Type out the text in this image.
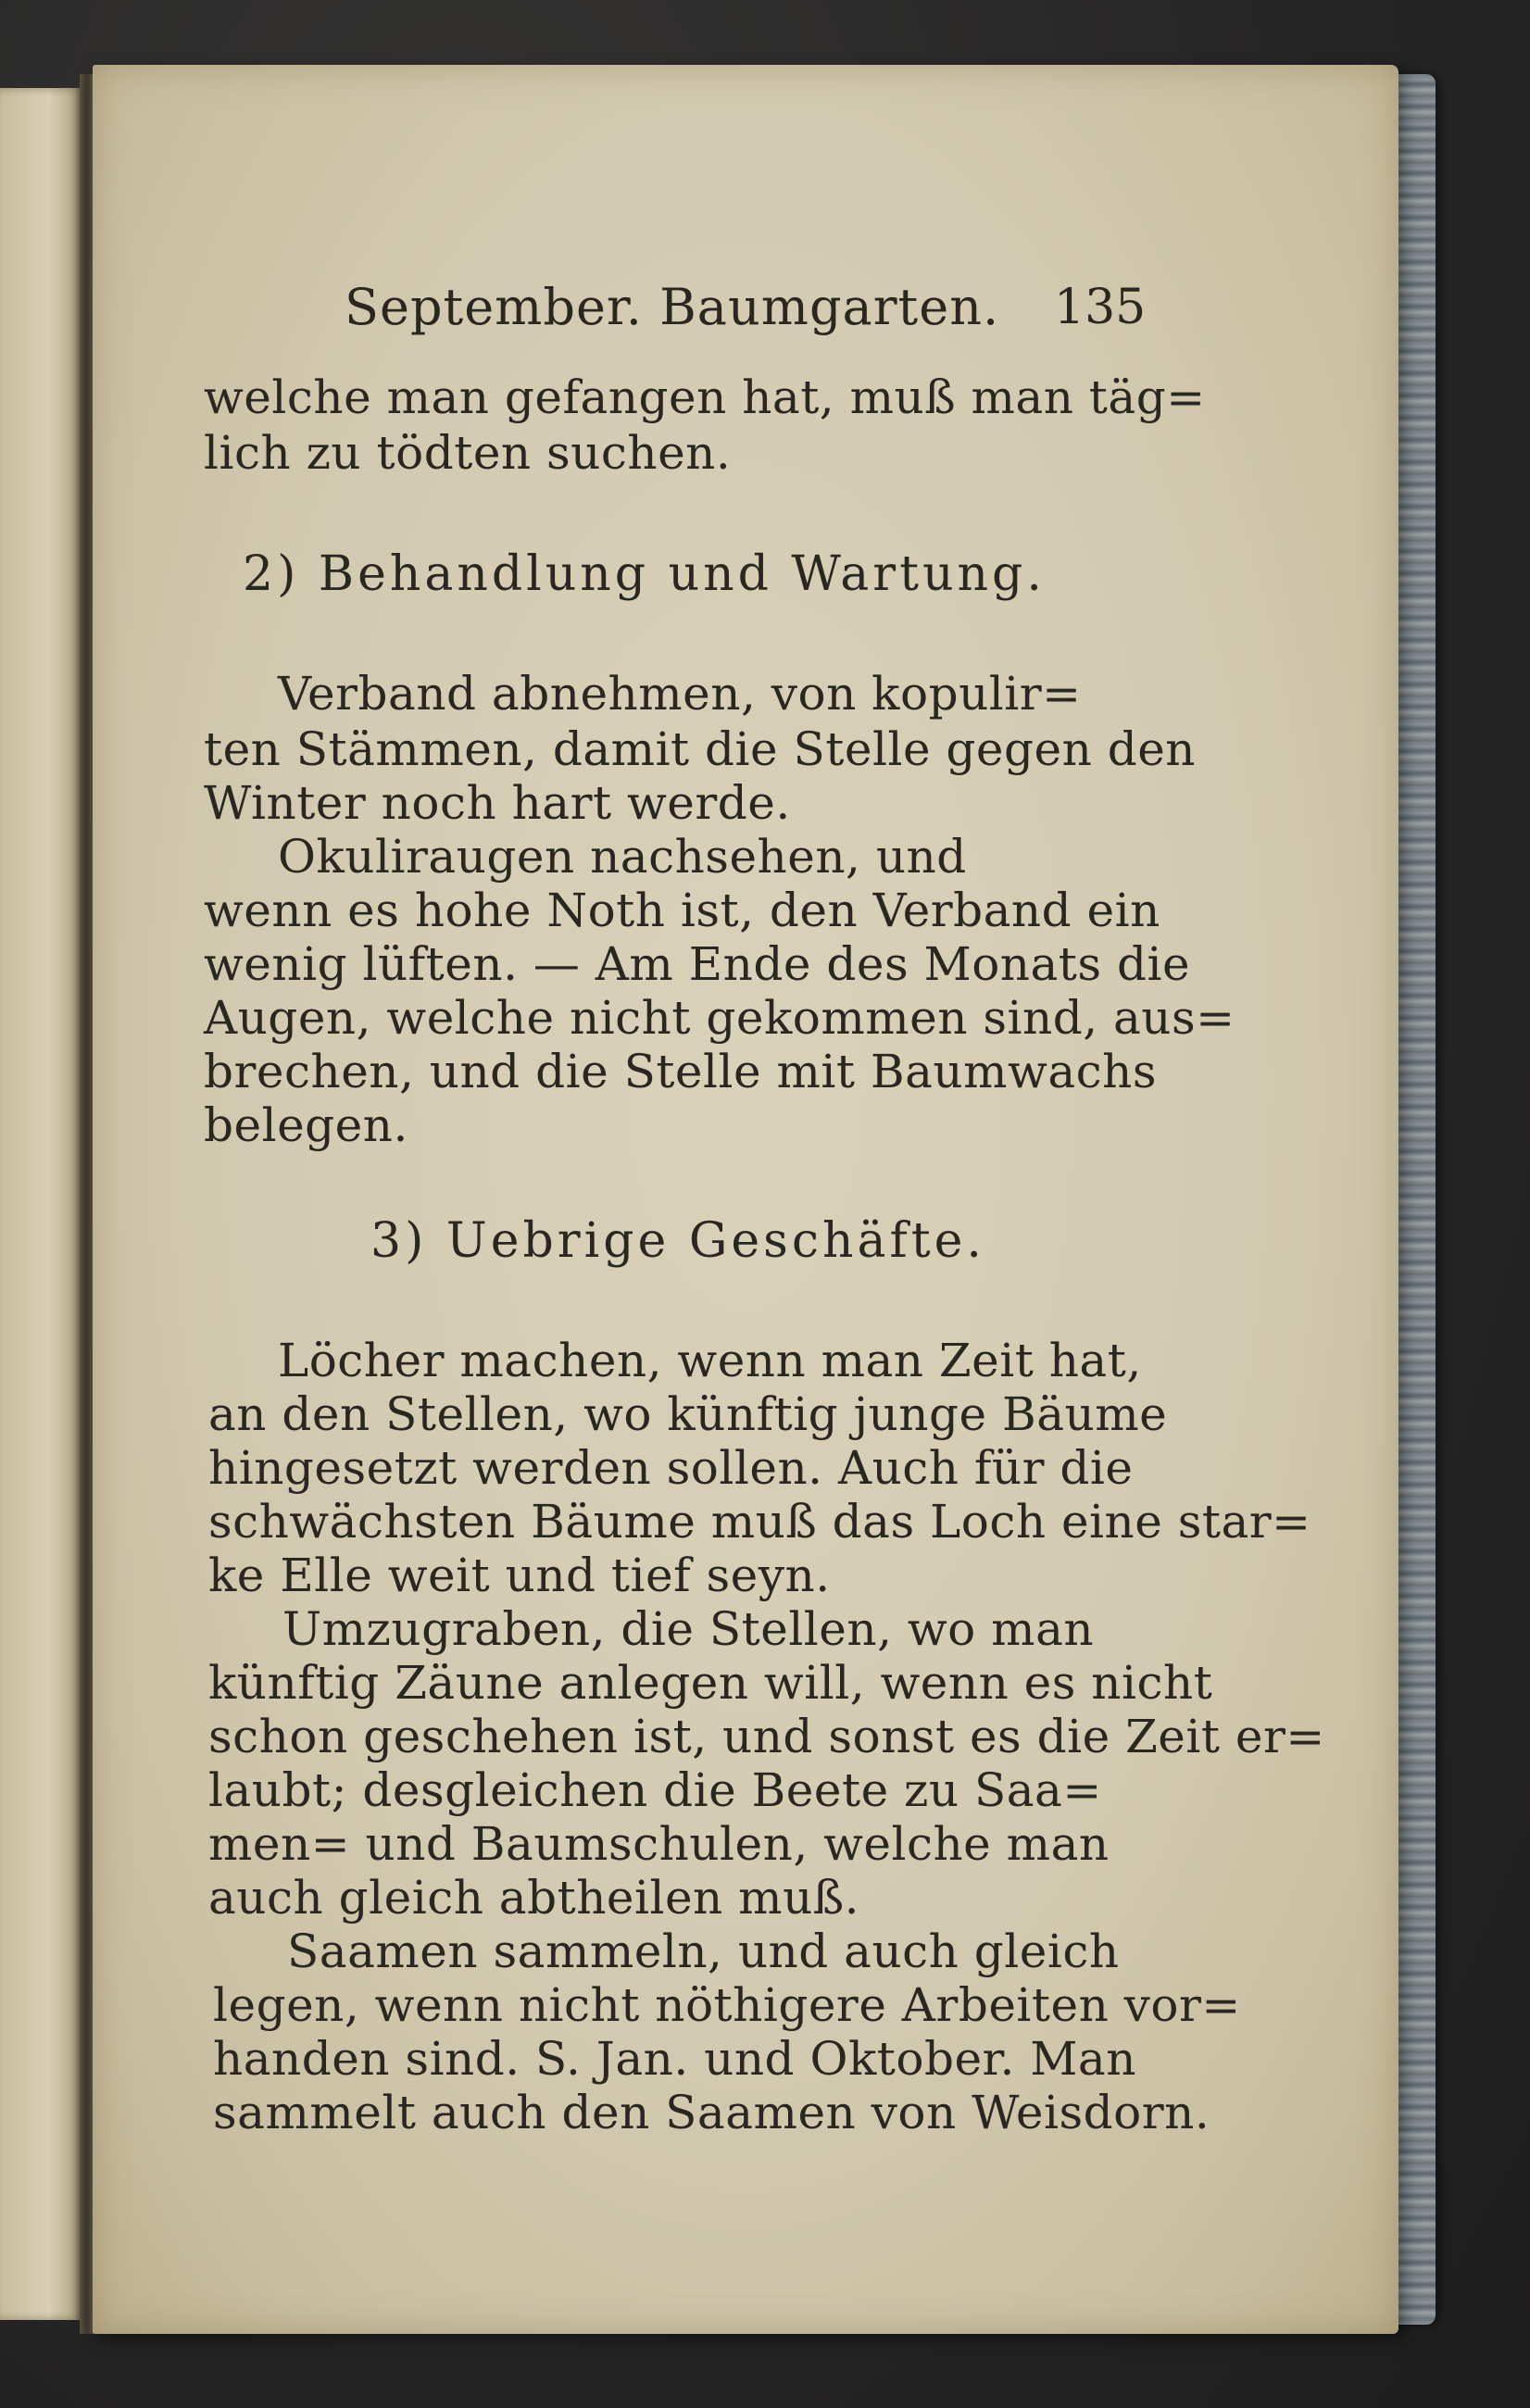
September. Baumgarten. 135
welche man gefangen hat, muß man täg=
lich zu tödten suchen.
2) Behandlung und Wartung.
Verband abnehmen, von kopulir=
ten Stämmen, damit die Stelle gegen den
Winter noch hart werde.
Okuliraugen nachsehen, und
wenn es hohe Noth ist, den Verband ein
wenig lüften. — Am Ende des Monats die
Augen, welche nicht gekommen sind, aus=
brechen, und die Stelle mit Baumwachs
belegen.
3) Uebrige Geschäfte.
Löcher machen, wenn man Zeit hat,
an den Stellen, wo künftig junge Bäume
hingesetzt werden sollen. Auch für die
schwächsten Bäume muß das Loch eine star=
ke Elle weit und tief seyn.
Umzugraben, die Stellen, wo man
künftig Zäune anlegen will, wenn es nicht
schon geschehen ist, und sonst es die Zeit er=
laubt; desgleichen die Beete zu Saa=
men= und Baumschulen, welche man
auch gleich abtheilen muß.
Saamen sammeln, und auch gleich
legen, wenn nicht nöthigere Arbeiten vor=
handen sind. S. Jan. und Oktober. Man
sammelt auch den Saamen von Weisdorn.
